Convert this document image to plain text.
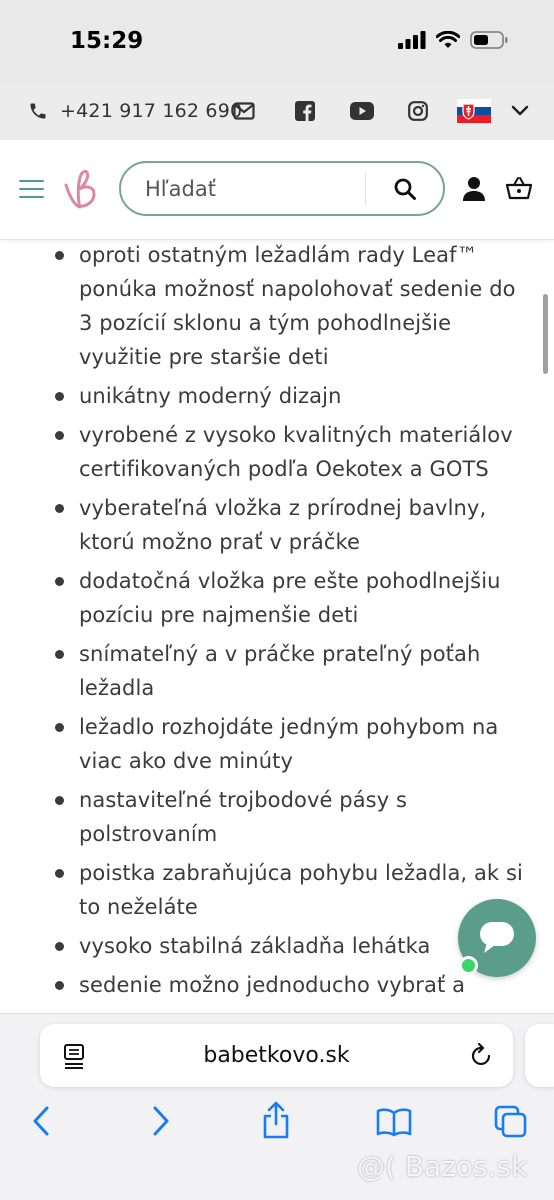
15:29
+421 917 162 690
Hľadať
oproti ostatným ležadlám rady Leaf™ ponúka možnosť napolohovať sedenie do 3 pozícií sklonu a tým pohodlnejšie využitie pre staršie deti
unikátny moderný dizajn
vyrobené z vysoko kvalitných materiálov certifikovaných podľa Oekotex a GOTS
vyberateľná vložka z prírodnej bavlny, ktorú možno prať v práčke
dodatočná vložka pre ešte pohodlnejšiu pozíciu pre najmenšie deti
snímateľný a v práčke prateľný poťah ležadla
ležadlo rozhojdáte jedným pohybom na viac ako dve minúty
nastaviteľné trojbodové pásy s polstrovaním
poistka zabraňujúca pohybu ležadla, ak si to neželáte
vysoko stabilná základňa lehátka
sedenie možno jednoducho vybrať a
babetkovo.sk
@( Bazos.sk
